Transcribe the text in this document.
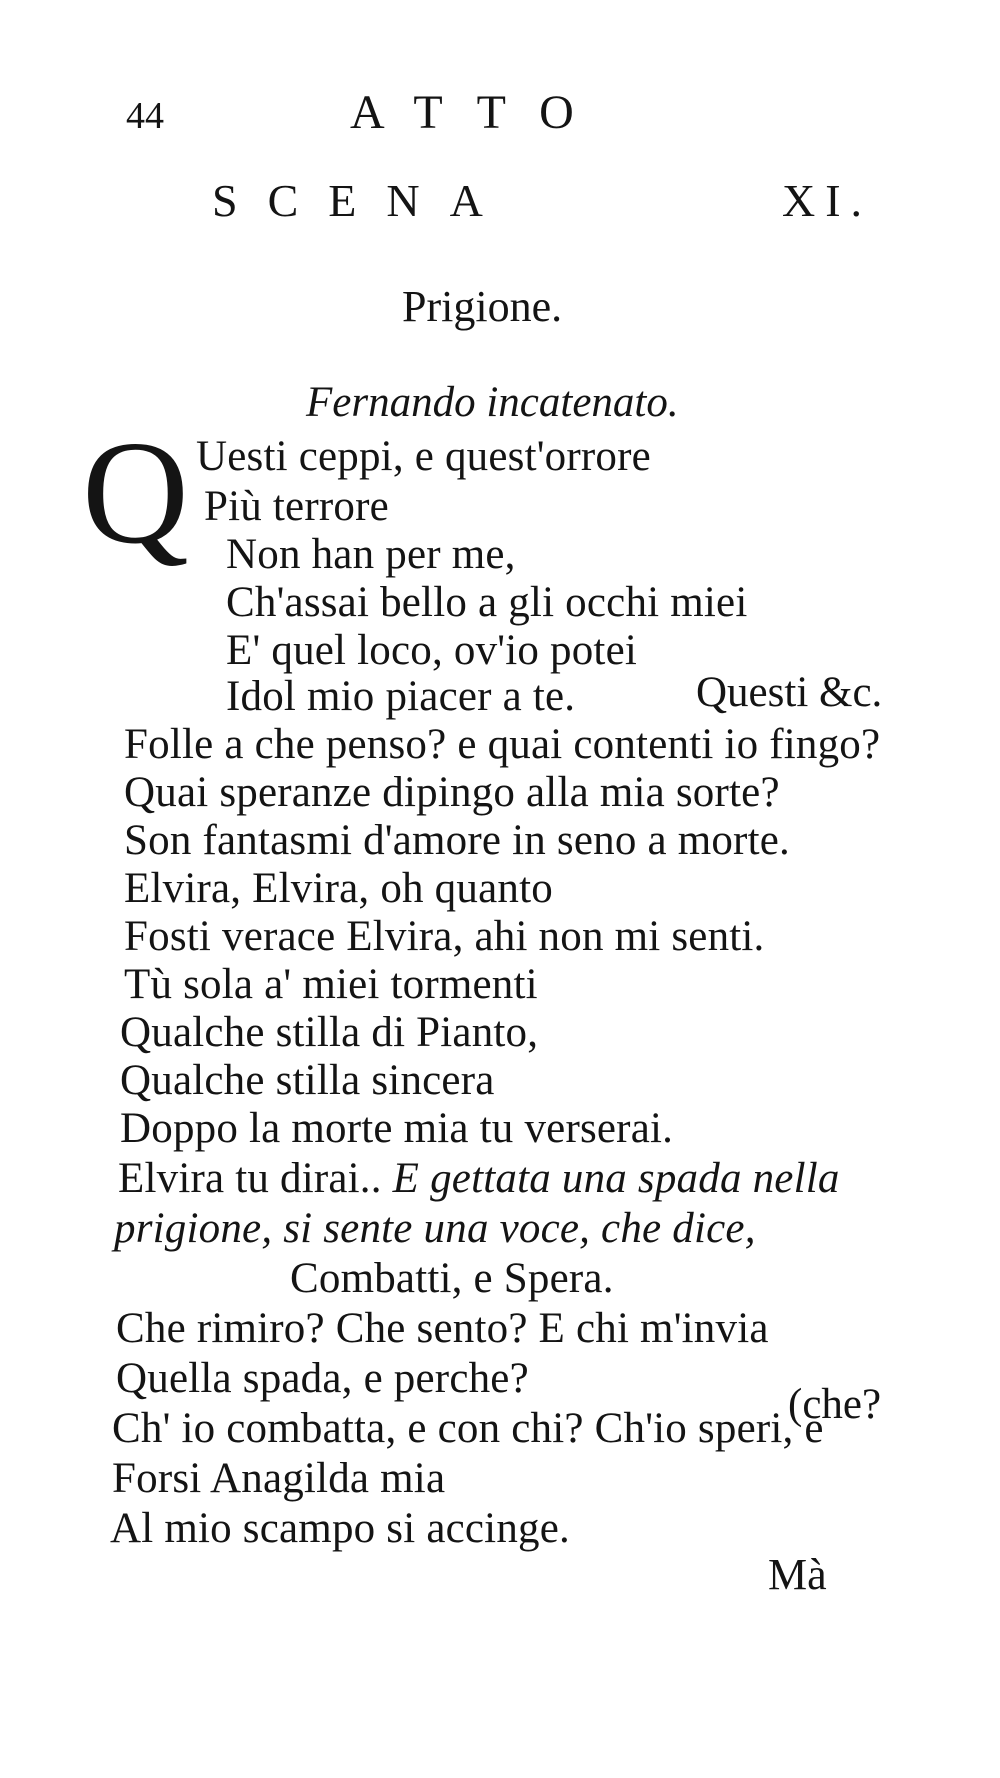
44	ATTO
SCENA	XI.
Prigione.
Fernando incatenato.
Q Uesti ceppi, e quest'orrore
Più terrore
Non han per me,
Ch'assai bello a gli occhi miei
E' quel loco, ov'io potei
Idol mio piacer a te.	Questi &c.
Folle a che penso? e quai contenti io fingo?
Quai speranze dipingo alla mia sorte?
Son fantasmi d'amore in seno a morte.
Elvira, Elvira, oh quanto
Fosti verace Elvira, ahi non mi senti.
Tù sola a' miei tormenti
Qualche stilla di Pianto,
Qualche stilla sincera
Doppo la morte mia tu verserai.
Elvira tu dirai.. E gettata una spada nella
prigione, si sente una voce, che dice,
Combatti, e Spera.
Che rimiro? Che sento? E chi m'invia
Quella spada, e perche?
(che?
Ch' io combatta, e con chi? Ch'io speri, e
Forsi Anagilda mia
Al mio scampo si accinge.
Mà
